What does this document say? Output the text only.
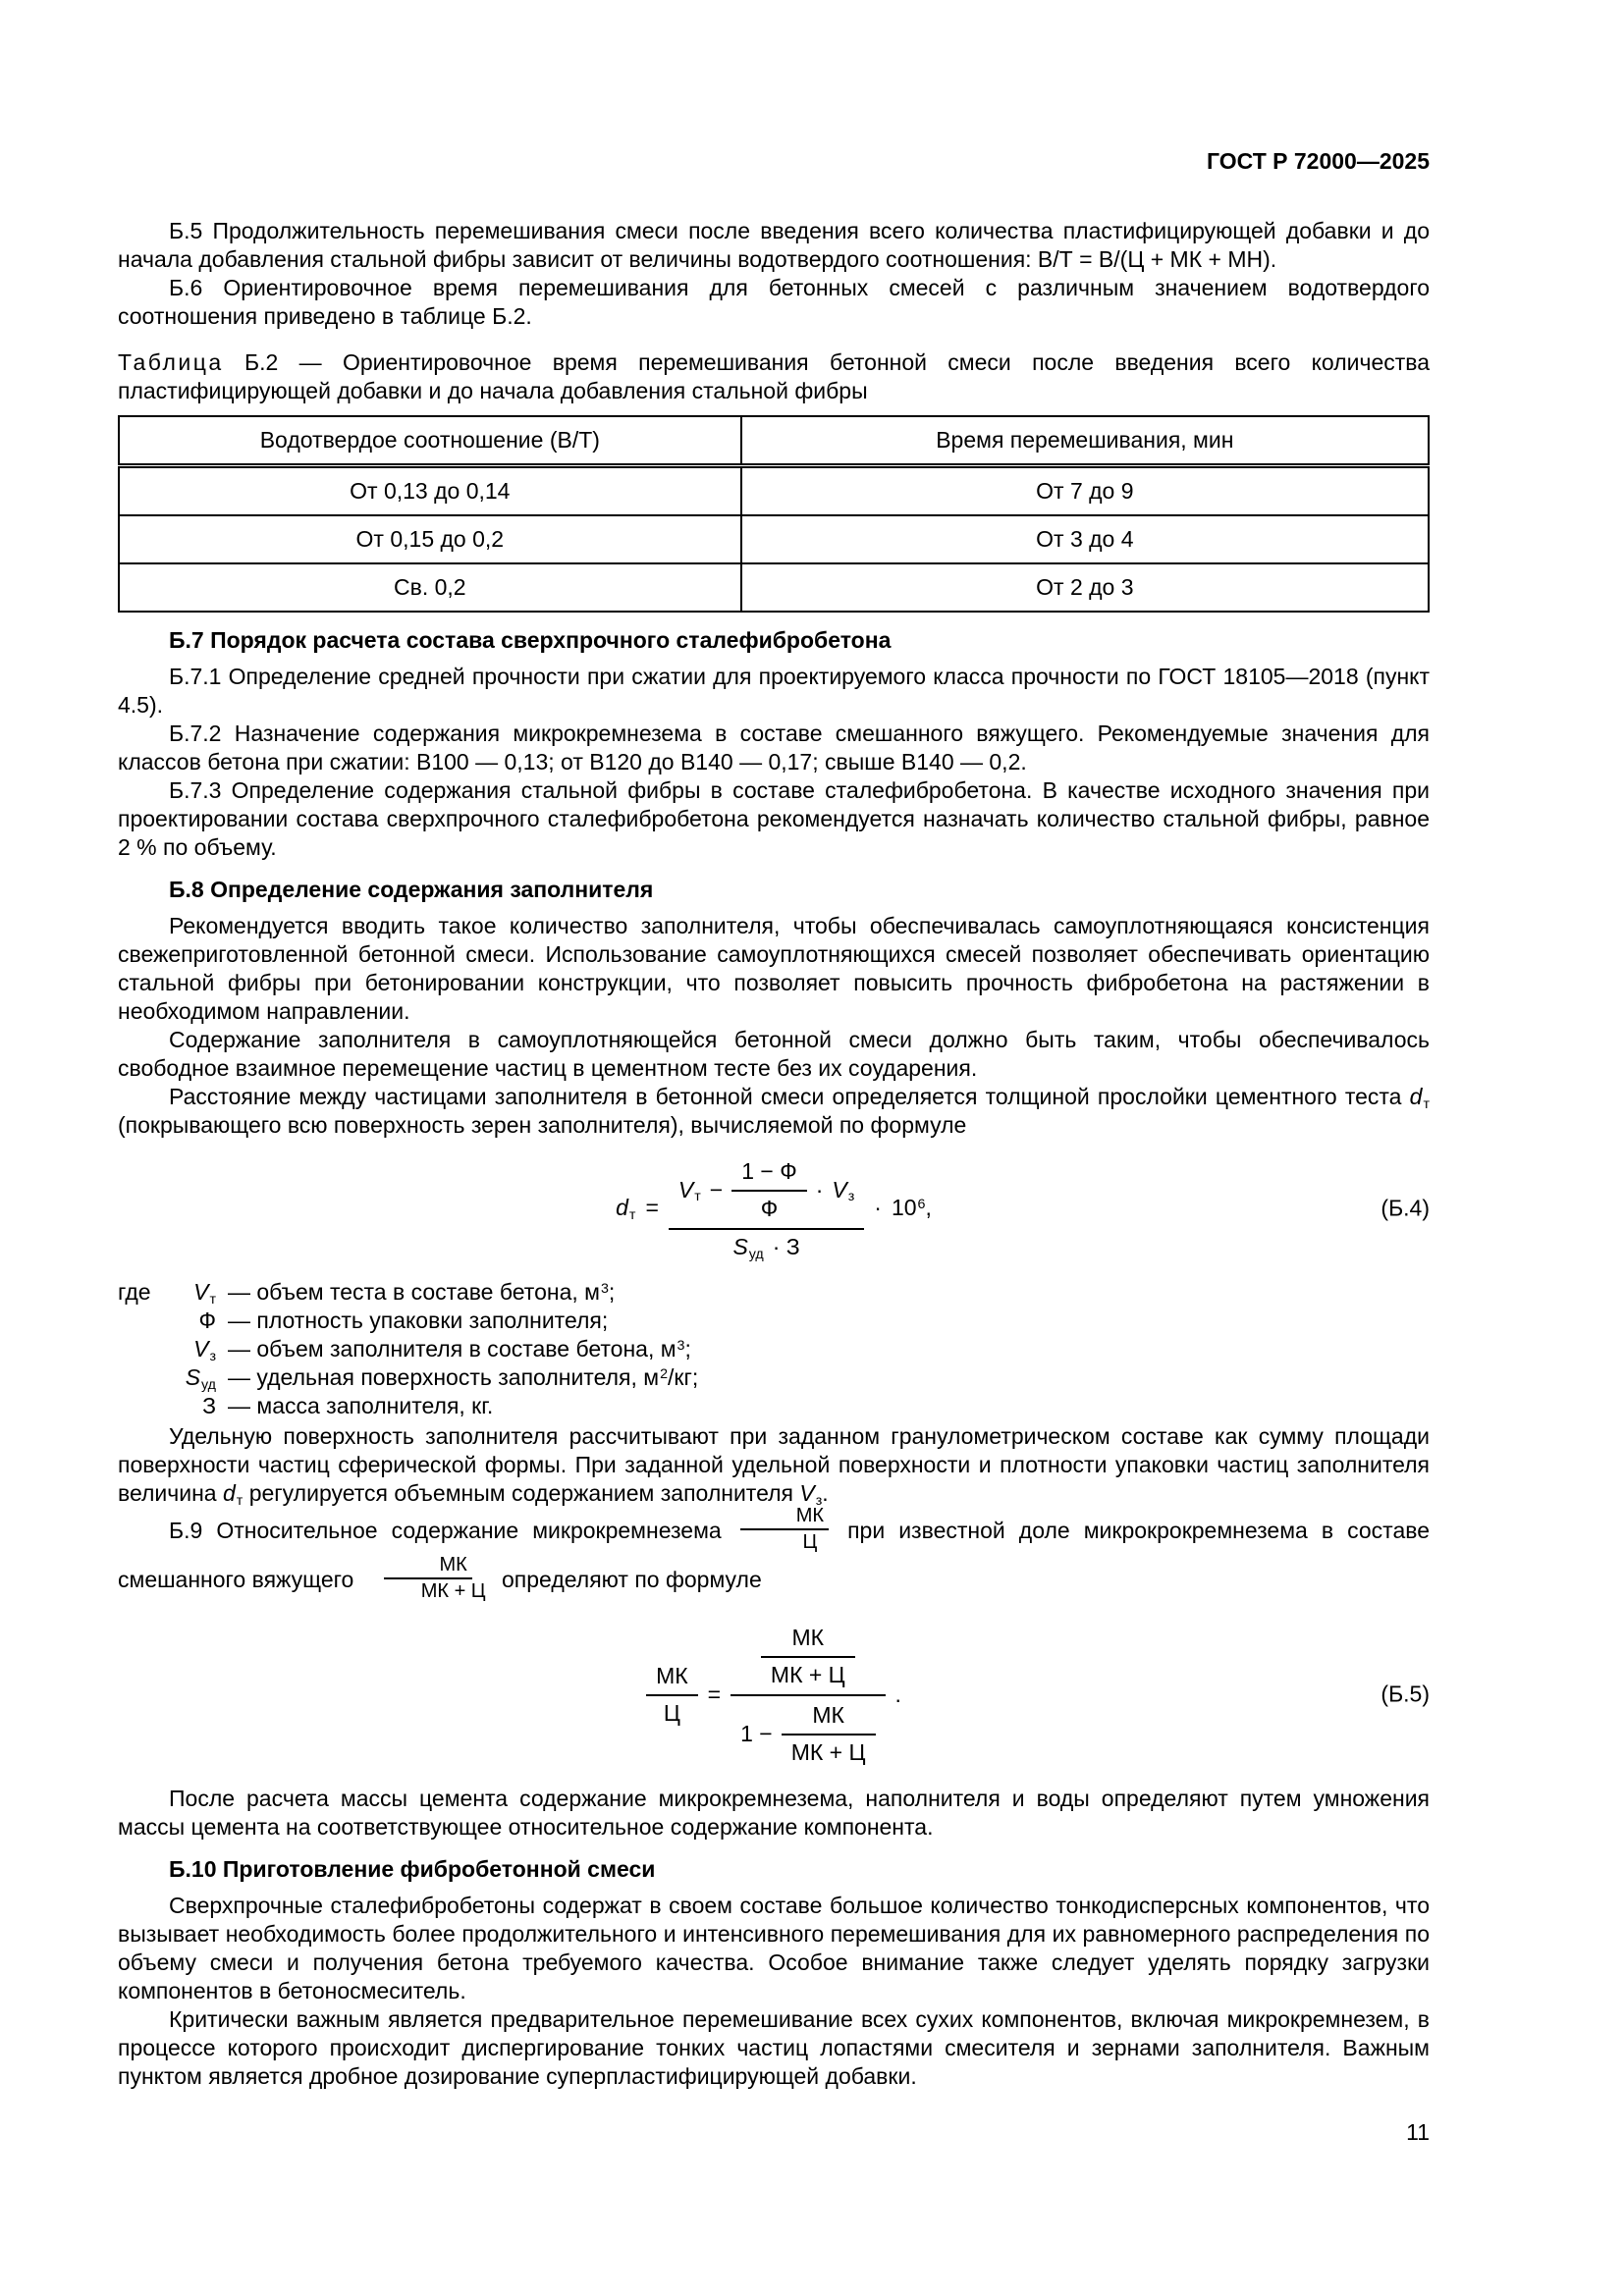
ГОСТ Р 72000—2025

Б.5 Продолжительность перемешивания смеси после введения всего количества пластифицирующей добавки и до начала добавления стальной фибры зависит от величины водотвердого соотношения: В/Т = В/(Ц + МК + МН).

Б.6 Ориентировочное время перемешивания для бетонных смесей с различным значением водотвердого соотношения приведено в таблице Б.2.

Таблица Б.2 — Ориентировочное время перемешивания бетонной смеси после введения всего количества пластифицирующей добавки и до начала добавления стальной фибры

Водотвердое соотношение (В/Т)	Время перемешивания, мин
От 0,13 до 0,14	От 7 до 9
От 0,15 до 0,2	От 3 до 4
Св. 0,2	От 2 до 3

Б.7 Порядок расчета состава сверхпрочного сталефибробетона

Б.7.1 Определение средней прочности при сжатии для проектируемого класса прочности по ГОСТ 18105—2018 (пункт 4.5).

Б.7.2 Назначение содержания микрокремнезема в составе смешанного вяжущего. Рекомендуемые значения для классов бетона при сжатии: В100 — 0,13; от В120 до В140 — 0,17; свыше В140 — 0,2.

Б.7.3 Определение содержания стальной фибры в составе сталефибробетона. В качестве исходного значения при проектировании состава сверхпрочного сталефибробетона рекомендуется назначать количество стальной фибры, равное 2 % по объему.

Б.8 Определение содержания заполнителя

Рекомендуется вводить такое количество заполнителя, чтобы обеспечивалась самоуплотняющаяся консистенция свежеприготовленной бетонной смеси. Использование самоуплотняющихся смесей позволяет обеспечивать ориентацию стальной фибры при бетонировании конструкции, что позволяет повысить прочность фибробетона на растяжении в необходимом направлении.

Содержание заполнителя в самоуплотняющейся бетонной смеси должно быть таким, чтобы обеспечивалось свободное взаимное перемещение частиц в цементном тесте без их соударения.

Расстояние между частицами заполнителя в бетонной смеси определяется толщиной прослойки цементного теста $d_т$ (покрывающего всю поверхность зерен заполнителя), вычисляемой по формуле

$d_т$ =
$V_т - \frac{1 - Ф}{Ф} \cdot V_з$
$S_{уд} \cdot З$
· $10^6$,	(Б.4)
где $V_т$ — объем теста в составе бетона, $м^3$;
Ф — плотность упаковки заполнителя;
$V_з$ — объем заполнителя в составе бетона, $м^3$;
$S_{уд}$ — удельная поверхность заполнителя, $м^2/кг$;
З — масса заполнителя, кг.

Удельную поверхность заполнителя рассчитывают при заданном гранулометрическом составе как сумму площади поверхности частиц сферической формы. При заданной удельной поверхности и плотности упаковки частиц заполнителя величина $d_т$ регулируется объемным содержанием заполнителя $V_з$.

Б.9 Относительное содержание микрокремнезема
МК
Ц при известной доле микрокрокремнезема в составе смешанного вяжущего
МК
МК + Ц определяют по формуле

$\frac{МК}{Ц} = \frac{\frac{МК}{МК + Ц}}{1 - \frac{МК}{МК + Ц}}$ .	(Б.5)

После расчета массы цемента содержание микрокремнезема, наполнителя и воды определяют путем умножения массы цемента на соответствующее относительное содержание компонента.

Б.10 Приготовление фибробетонной смеси

Сверхпрочные сталефибробетоны содержат в своем составе большое количество тонкодисперсных компонентов, что вызывает необходимость более продолжительного и интенсивного перемешивания для их равномерного распределения по объему смеси и получения бетона требуемого качества. Особое внимание также следует уделять порядку загрузки компонентов в бетоносмеситель.

Критически важным является предварительное перемешивание всех сухих компонентов, включая микрокремнезем, в процессе которого происходит диспергирование тонких частиц лопастями смесителя и зернами заполнителя. Важным пунктом является дробное дозирование суперпластифицирующей добавки.

11
